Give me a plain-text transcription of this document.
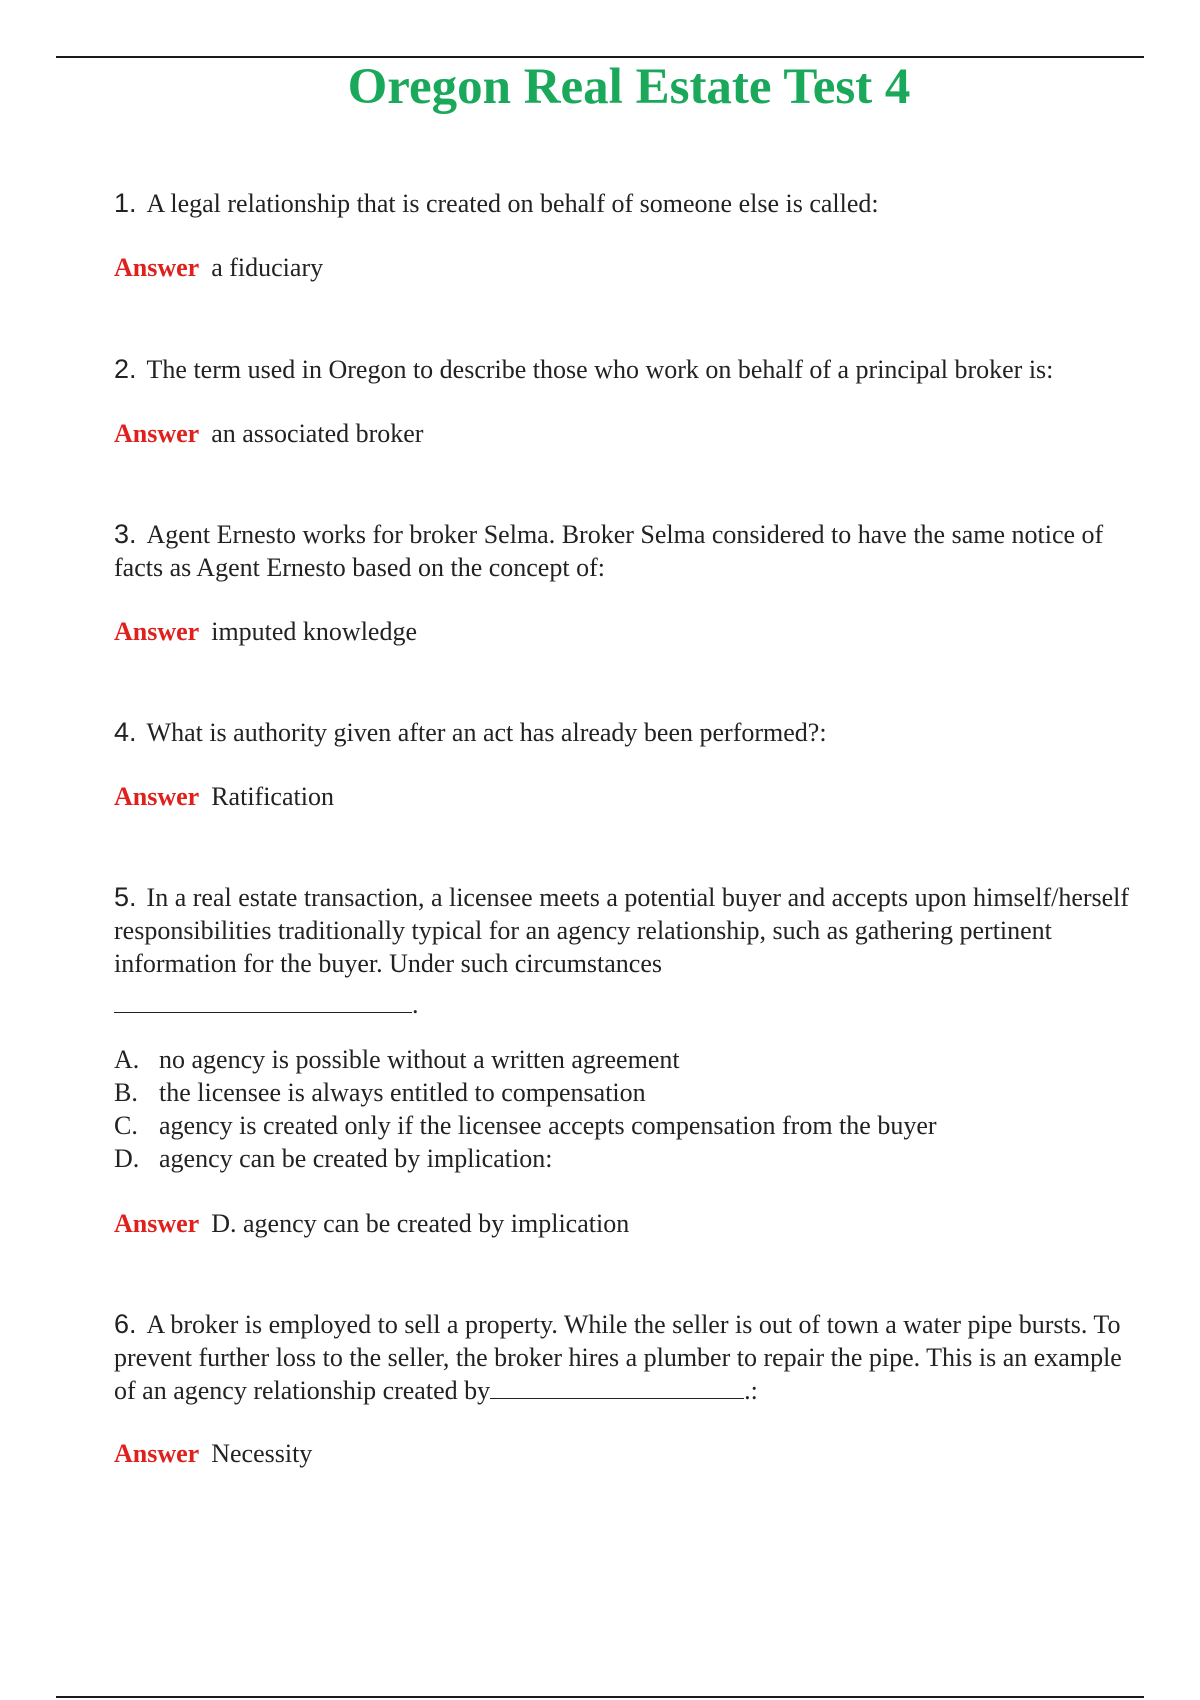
Oregon Real Estate Test 4
1. A legal relationship that is created on behalf of someone else is called:
Answer a fiduciary
2. The term used in Oregon to describe those who work on behalf of a principal broker is:
Answer an associated broker
3. Agent Ernesto works for broker Selma. Broker Selma considered to have the same notice of facts as Agent Ernesto based on the concept of:
Answer imputed knowledge
4. What is authority given after an act has already been performed?:
Answer Ratification
5. In a real estate transaction, a licensee meets a potential buyer and accepts upon himself/herself responsibilities traditionally typical for an agency relationship, such as gathering pertinent information for the buyer. Under such circumstances
.
A. no agency is possible without a written agreement
B. the licensee is always entitled to compensation
C. agency is created only if the licensee accepts compensation from the buyer
D. agency can be created by implication:
Answer D. agency can be created by implication
6. A broker is employed to sell a property. While the seller is out of town a water pipe bursts. To prevent further loss to the seller, the broker hires a plumber to repair the pipe. This is an example of an agency relationship created by	.:
Answer Necessity
